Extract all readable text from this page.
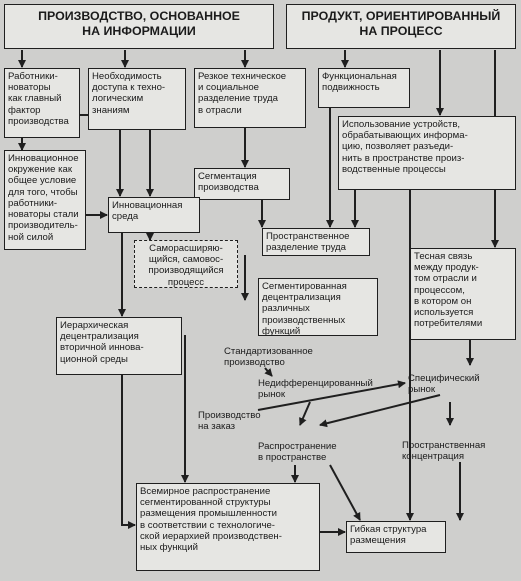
ПРОИЗВОДСТВО, ОСНОВАННОЕ
НА ИНФОРМАЦИИ
ПРОДУКТ, ОРИЕНТИРОВАННЫЙ
НА ПРОЦЕСС
Работники-
новаторы
как главный
фактор
производства
Необходимость
доступа к техно-
логическим
знаниям
Резкое техническое
и социальное
разделение труда
в отрасли
Функциональная
подвижность
Использование устройств,
обрабатывающих информа-
цию, позволяет разъеди-
нить в пространстве произ-
водственные процессы
Инновационное
окружение как
общее условие
для того, чтобы
работники-
новаторы стали
производитель-
ной силой
Сегментация
производства
Инновационная
среда
Саморасширяю-
щийся, самовос-
производящийся
процесс
Пространственное
разделение труда
Тесная связь
между продук-
том отрасли и
процессом,
в котором он
используется
потребителями
Сегментированная
децентрализация
различных
производственных
функций
Иерархическая
децентрализация
вторичной иннова-
ционной среды
Стандартизованное
производство
Недифференцированный
рынок
Специфический
рынок
Производство
на заказ
Распространение
в пространстве
Пространственная
концентрация
Всемирное распространение
сегментированной структуры
размещения промышленности
в соответствии с технологиче-
ской иерархией производствен-
ных функций
Гибкая структура
размещения
